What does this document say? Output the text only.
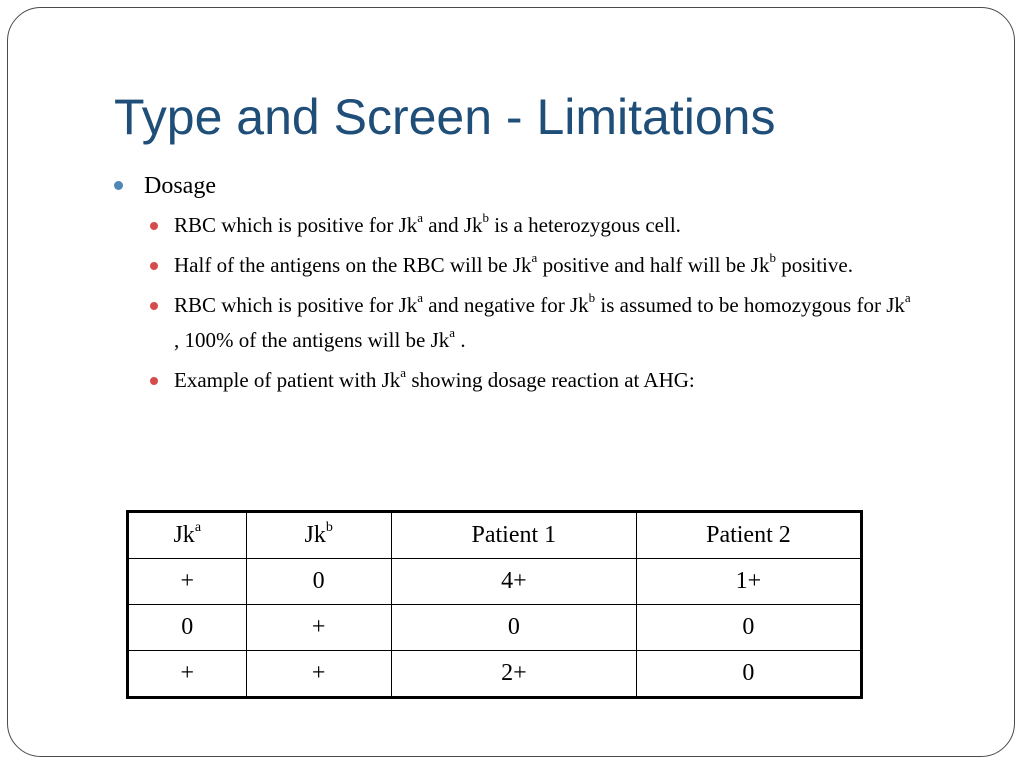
Type and Screen - Limitations
Dosage
RBC which is positive for Jk$^a$ and Jk$^b$ is a heterozygous cell.
Half of the antigens on the RBC will be Jk$^a$ positive and half will be Jk$^b$ positive.
RBC which is positive for Jk$^a$ and negative for Jk$^b$ is assumed to be homozygous for Jk$^a$ , 100% of the antigens will be Jk$^a$ .
Example of patient with Jk$^a$ showing dosage reaction at AHG:
Jk$^a$	Jk$^b$	Patient 1	Patient 2
+	0	4+	1+
0	+	0	0
+	+	2+	0
